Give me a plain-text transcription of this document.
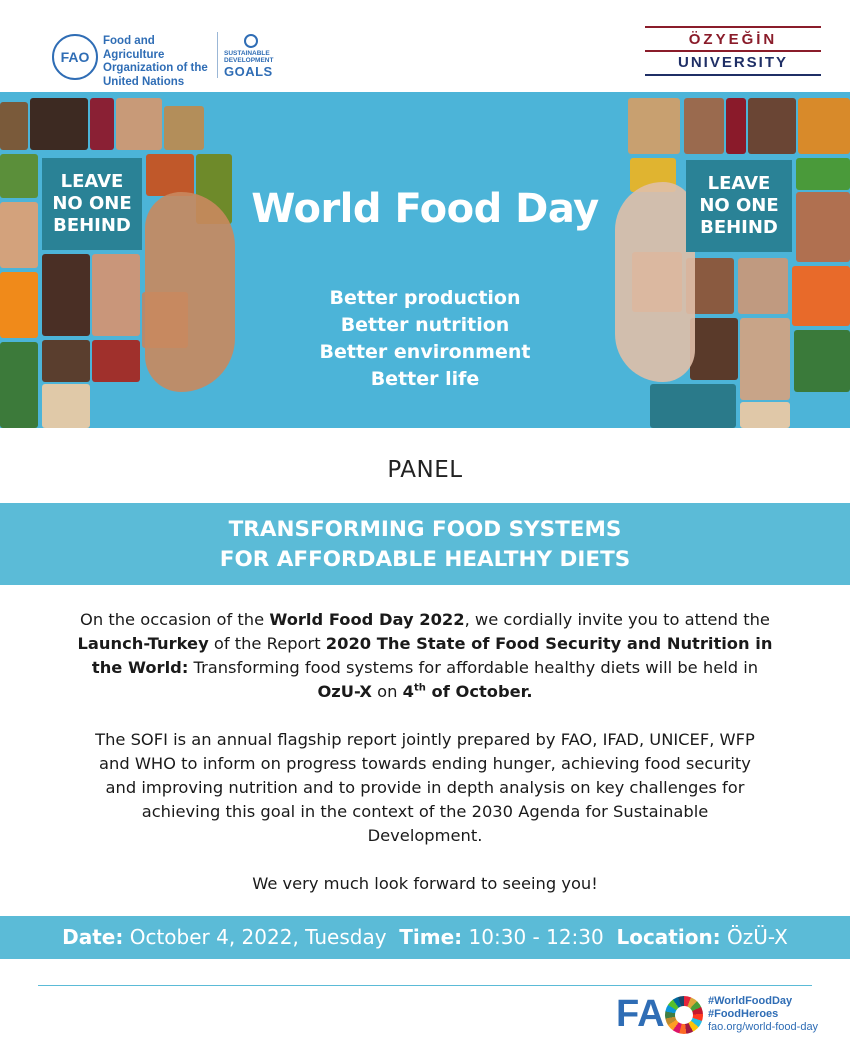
FAO
Food and Agriculture
Organization of the
United Nations
SUSTAINABLE
DEVELOPMENT
GOALS
ÖZYEĞİN
UNIVERSITY
LEAVE
NO ONE
BEHIND
LEAVE
NO ONE
BEHIND
World Food Day
Better production
Better nutrition
Better environment
Better life
PANEL
TRANSFORMING FOOD SYSTEMS
FOR AFFORDABLE HEALTHY DIETS
On the occasion of the World Food Day 2022, we cordially invite you to attend the
Launch-Turkey of the Report 2020 The State of Food Security and Nutrition in
the World: Transforming food systems for affordable healthy diets will be held in
OzU-X on 4th of October.
The SOFI is an annual flagship report jointly prepared by FAO, IFAD, UNICEF, WFP
and WHO to inform on progress towards ending hunger, achieving food security
and improving nutrition and to provide in depth analysis on key challenges for
achieving this goal in the context of the 2030 Agenda for Sustainable
Development.
We very much look forward to seeing you!
Date: October 4, 2022, Tuesday Time: 10:30 - 12:30 Location: ÖzÜ-X
FA	#WorldFoodDay
#FoodHeroes
fao.org/world-food-day
